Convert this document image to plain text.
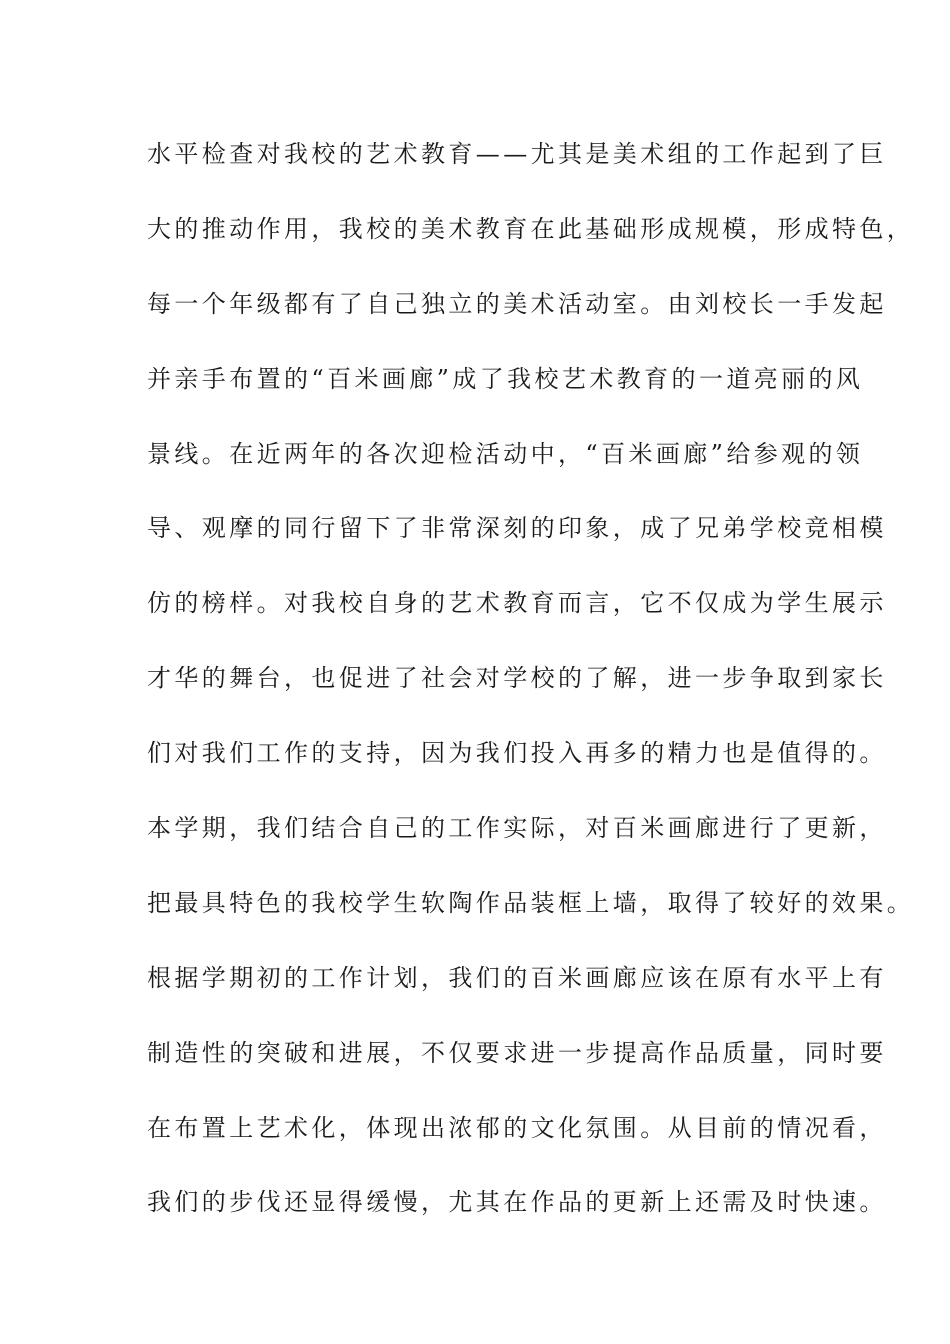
水平检查对我校的艺术教育——尤其是美术组的工作起到了巨
大的推动作用，我校的美术教育在此基础形成规模，形成特色，
每一个年级都有了自己独立的美术活动室。由刘校长一手发起
并亲手布置的“百米画廊”成了我校艺术教育的一道亮丽的风
景线。在近两年的各次迎检活动中，“百米画廊”给参观的领
导、观摩的同行留下了非常深刻的印象，成了兄弟学校竞相模
仿的榜样。对我校自身的艺术教育而言，它不仅成为学生展示
才华的舞台，也促进了社会对学校的了解，进一步争取到家长
们对我们工作的支持，因为我们投入再多的精力也是值得的。
本学期，我们结合自己的工作实际，对百米画廊进行了更新，
把最具特色的我校学生软陶作品装框上墙，取得了较好的效果。
根据学期初的工作计划，我们的百米画廊应该在原有水平上有
制造性的突破和进展，不仅要求进一步提高作品质量，同时要
在布置上艺术化，体现出浓郁的文化氛围。从目前的情况看，
我们的步伐还显得缓慢，尤其在作品的更新上还需及时快速。
